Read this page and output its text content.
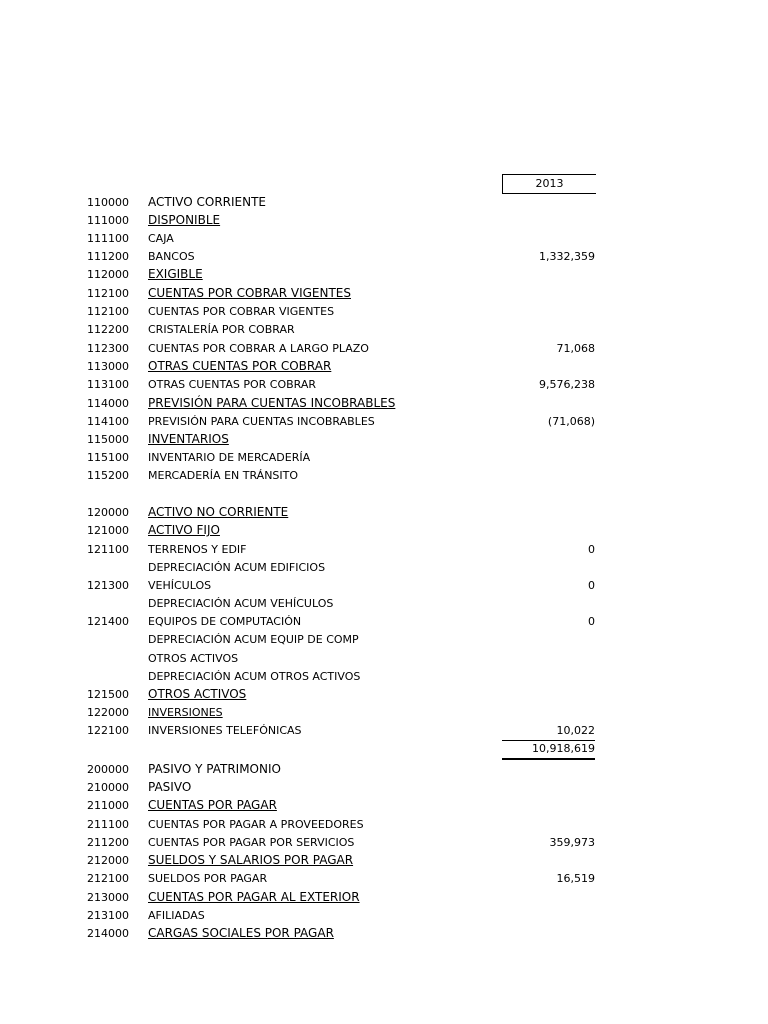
2013
110000 ACTIVO CORRIENTE
111000 DISPONIBLE
111100 CAJA
111200 BANCOS	1,332,359
112000 EXIGIBLE
112100 CUENTAS POR COBRAR VIGENTES
112100 CUENTAS POR COBRAR VIGENTES
112200 CRISTALERÍA POR COBRAR
112300 CUENTAS POR COBRAR A LARGO PLAZO	71,068
113000 OTRAS CUENTAS POR COBRAR
113100 OTRAS CUENTAS POR COBRAR	9,576,238
114000 PREVISIÓN PARA CUENTAS INCOBRABLES
114100 PREVISIÓN PARA CUENTAS INCOBRABLES	(71,068)
115000 INVENTARIOS
115100 INVENTARIO DE MERCADERÍA
115200 MERCADERÍA EN TRÁNSITO
120000 ACTIVO NO CORRIENTE
121000 ACTIVO FIJO
121100 TERRENOS Y EDIF	0
DEPRECIACIÓN ACUM EDIFICIOS
121300 VEHÍCULOS	0
DEPRECIACIÓN ACUM VEHÍCULOS
121400 EQUIPOS DE COMPUTACIÓN	0
DEPRECIACIÓN ACUM EQUIP DE COMP
OTROS ACTIVOS
DEPRECIACIÓN ACUM OTROS ACTIVOS
121500 OTROS ACTIVOS
122000 INVERSIONES
122100 INVERSIONES TELEFÓNICAS	10,022
10,918,619
200000 PASIVO Y PATRIMONIO
210000 PASIVO
211000 CUENTAS POR PAGAR
211100 CUENTAS POR PAGAR A PROVEEDORES
211200 CUENTAS POR PAGAR POR SERVICIOS	359,973
212000 SUELDOS Y SALARIOS POR PAGAR
212100 SUELDOS POR PAGAR	16,519
213000 CUENTAS POR PAGAR AL EXTERIOR
213100 AFILIADAS
214000 CARGAS SOCIALES POR PAGAR
